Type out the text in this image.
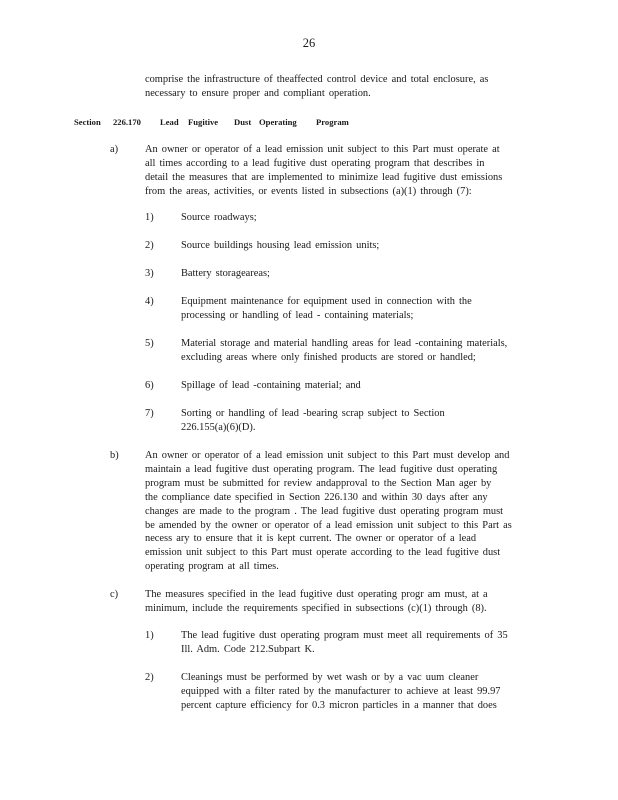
26
comprise the infrastructure of theaffected control device and total enclosure, as
necessary to ensure proper and compliant operation.
Section 226.170 Lead Fugitive Dust Operating Program
a)	An owner or operator of a lead emission unit subject to this Part must operate at
all times according to a lead fugitive dust operating program that describes in
detail the measures that are implemented to minimize lead fugitive dust emissions
from the areas, activities, or events listed in subsections (a)(1) through (7):
1)	Source roadways;
2)	Source buildings housing lead emission units;
3)	Battery storageareas;
4)	Equipment maintenance for equipment used in connection with the
processing or handling of lead - containing materials;
5)	Material storage and material handling areas for lead -containing materials,
excluding areas where only finished products are stored or handled;
6)	Spillage of lead -containing material; and
7)	Sorting or handling of lead -bearing scrap subject to Section
226.155(a)(6)(D).
b)	An owner or operator of a lead emission unit subject to this Part must develop and
maintain a lead fugitive dust operating program. The lead fugitive dust operating
program must be submitted for review andapproval to the Section Man ager by
the compliance date specified in Section 226.130 and within 30 days after any
changes are made to the program . The lead fugitive dust operating program must
be amended by the owner or operator of a lead emission unit subject to this Part as
necess ary to ensure that it is kept current. The owner or operator of a lead
emission unit subject to this Part must operate according to the lead fugitive dust
operating program at all times.
c)	The measures specified in the lead fugitive dust operating progr am must, at a
minimum, include the requirements specified in subsections (c)(1) through (8).
1)	The lead fugitive dust operating program must meet all requirements of 35
Ill. Adm. Code 212.Subpart K.
2)	Cleanings must be performed by wet wash or by a vac uum cleaner
equipped with a filter rated by the manufacturer to achieve at least 99.97
percent capture efficiency for 0.3 micron particles in a manner that does
